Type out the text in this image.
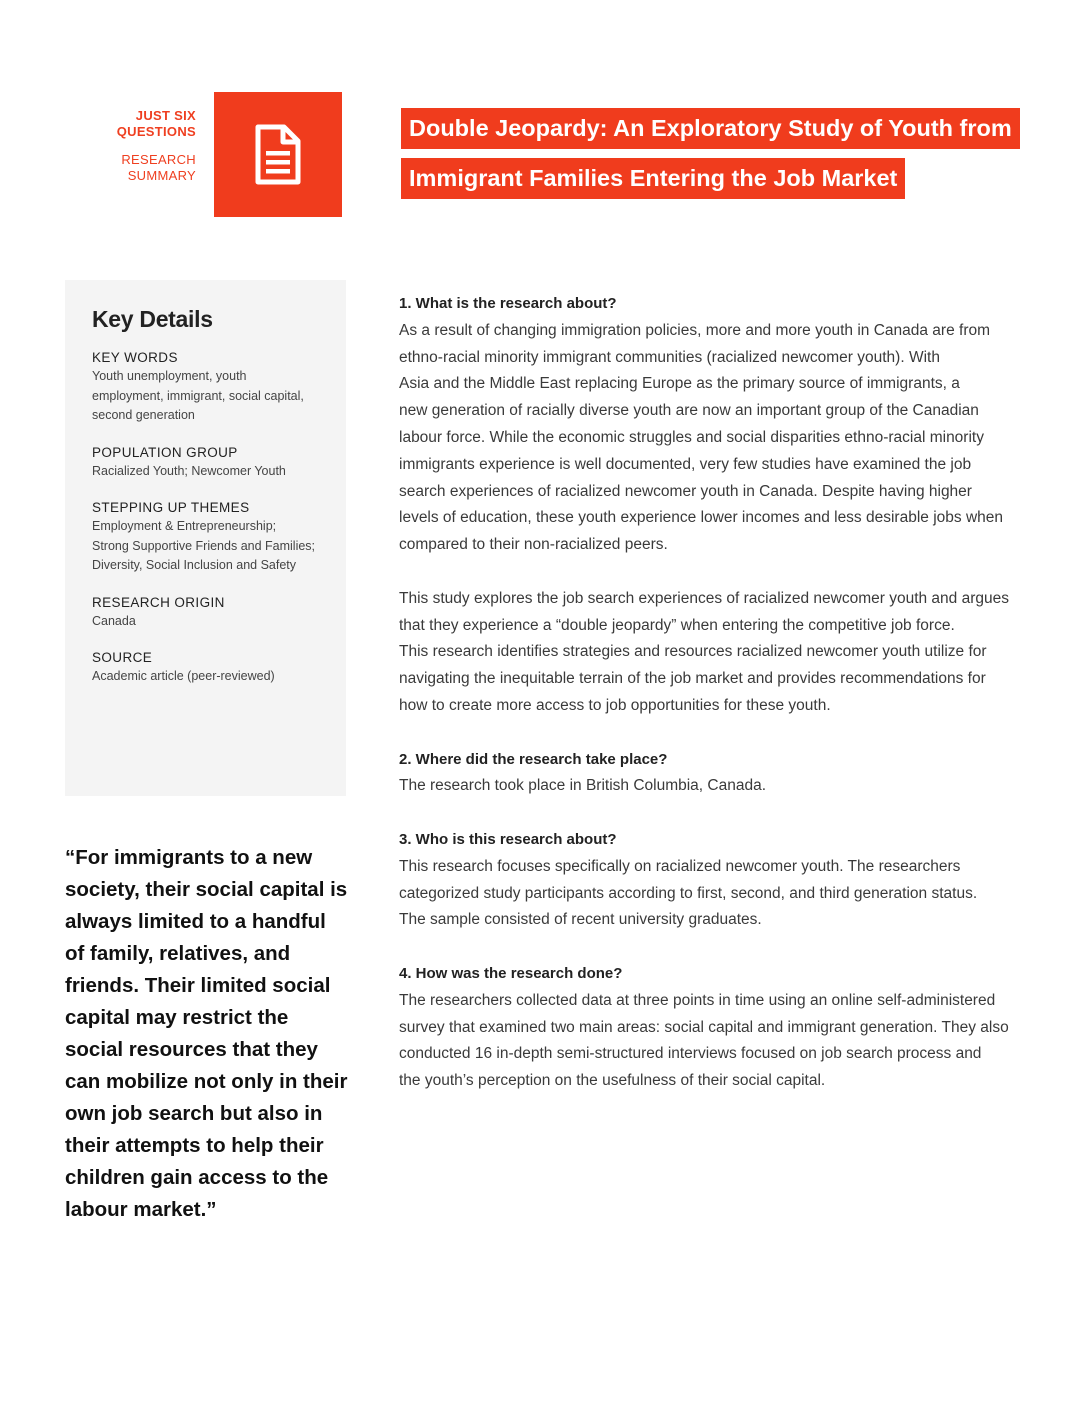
JUST SIX
QUESTIONS
RESEARCH
SUMMARY
Double Jeopardy: An Exploratory Study of Youth from
Immigrant Families Entering the Job Market
Key Details
KEY WORDS
Youth unemployment, youth
employment, immigrant, social capital,
second generation
POPULATION GROUP
Racialized Youth; Newcomer Youth
STEPPING UP THEMES
Employment & Entrepreneurship;
Strong Supportive Friends and Families;
Diversity, Social Inclusion and Safety
RESEARCH ORIGIN
Canada
SOURCE
Academic article (peer-reviewed)
“For immigrants to a new
society, their social capital is
always limited to a handful
of family, relatives, and
friends. Their limited social
capital may restrict the
social resources that they
can mobilize not only in their
own job search but also in
their attempts to help their
children gain access to the
labour market.”
1. What is the research about?
As a result of changing immigration policies, more and more youth in Canada are from
ethno-racial minority immigrant communities (racialized newcomer youth). With
Asia and the Middle East replacing Europe as the primary source of immigrants, a
new generation of racially diverse youth are now an important group of the Canadian
labour force. While the economic struggles and social disparities ethno-racial minority
immigrants experience is well documented, very few studies have examined the job
search experiences of racialized newcomer youth in Canada. Despite having higher
levels of education, these youth experience lower incomes and less desirable jobs when
compared to their non-racialized peers.
This study explores the job search experiences of racialized newcomer youth and argues
that they experience a “double jeopardy” when entering the competitive job force.
This research identifies strategies and resources racialized newcomer youth utilize for
navigating the inequitable terrain of the job market and provides recommendations for
how to create more access to job opportunities for these youth.
2. Where did the research take place?
The research took place in British Columbia, Canada.
3. Who is this research about?
This research focuses specifically on racialized newcomer youth. The researchers
categorized study participants according to first, second, and third generation status.
The sample consisted of recent university graduates.
4. How was the research done?
The researchers collected data at three points in time using an online self-administered
survey that examined two main areas: social capital and immigrant generation. They also
conducted 16 in-depth semi-structured interviews focused on job search process and
the youth’s perception on the usefulness of their social capital.
